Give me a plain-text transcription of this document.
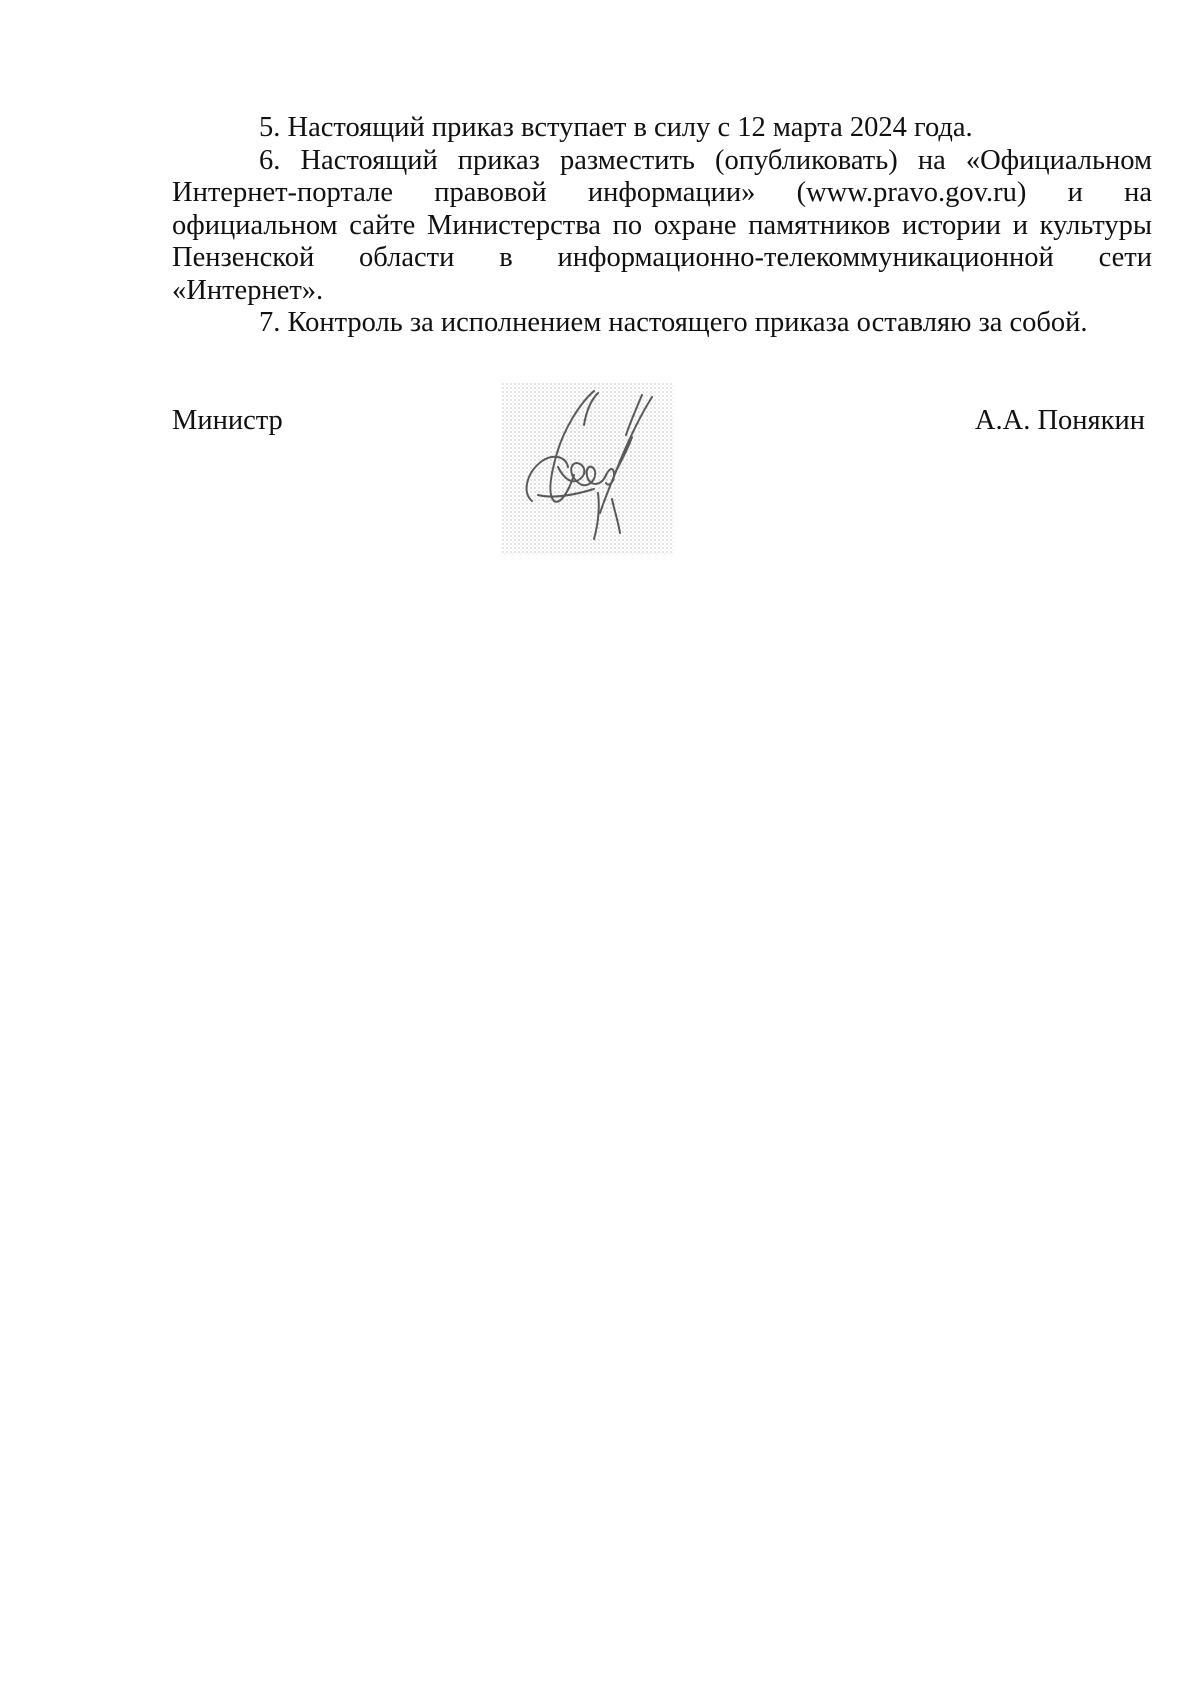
5. Настоящий приказ вступает в силу с 12 марта 2024 года.

6. Настоящий приказ разместить (опубликовать) на «Официальном Интернет-портале правовой информации» (www.pravo.gov.ru) и на официальном сайте Министерства по охране памятников истории и культуры Пензенской области в информационно-телекоммуникационной сети «Интернет».

7. Контроль за исполнением настоящего приказа оставляю за собой.

Министр	А.А. Понякин
